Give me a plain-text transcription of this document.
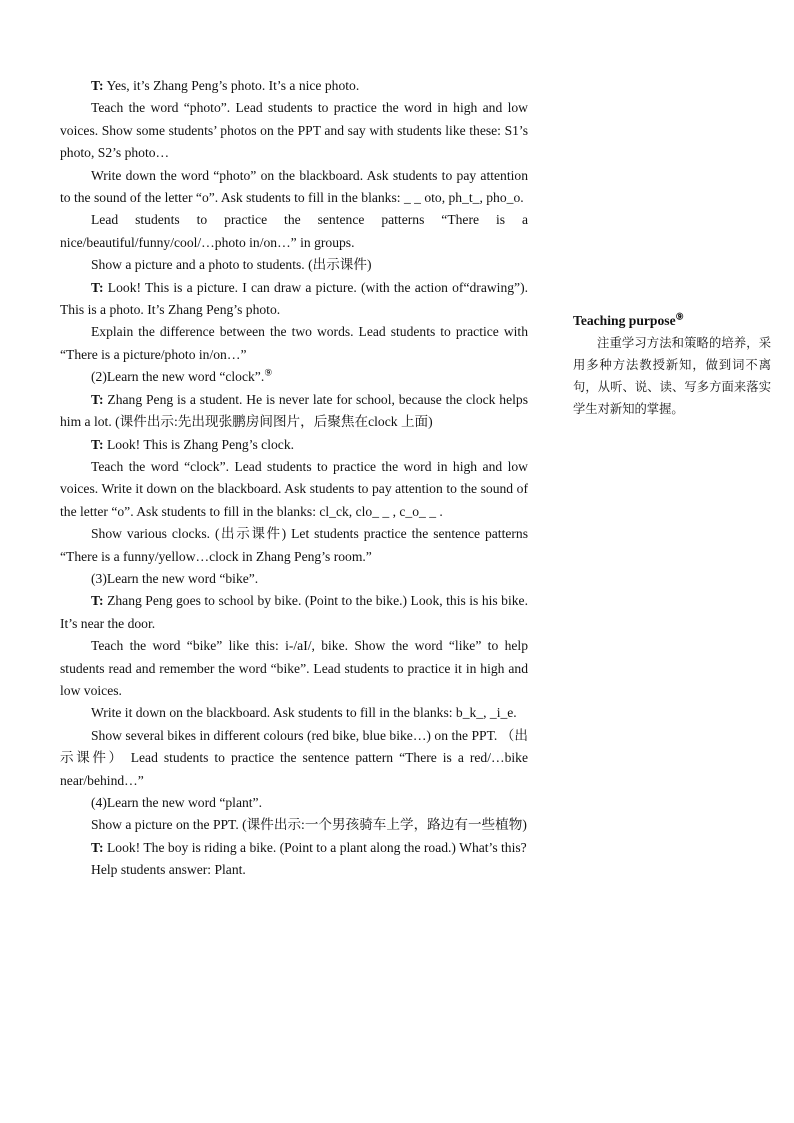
T: Yes, it’s Zhang Peng’s photo. It’s a nice photo.

Teach the word “photo”. Lead students to practice the word in high and low voices. Show some students’ photos on the PPT and say with students like these: S1’s photo, S2’s photo…

Write down the word “photo” on the blackboard. Ask students to pay attention to the sound of the letter “o”. Ask students to fill in the blanks: _ _ oto, ph_t_, pho_o.

Lead students to practice the sentence patterns “There is a nice/beautiful/funny/cool/…photo in/on…” in groups.

Show a picture and a photo to students. (出示课件)

T: Look! This is a picture. I can draw a picture. (with the action of“drawing”). This is a photo. It’s Zhang Peng’s photo.

Explain the difference between the two words. Lead students to practice with “There is a picture/photo in/on…”

(2)Learn the new word “clock”.⑨

T: Zhang Peng is a student. He is never late for school, because the clock helps him a lot. (课件出示:先出现张鹏房间图片，后聚焦在clock 上面)

T: Look! This is Zhang Peng’s clock.

Teach the word “clock”. Lead students to practice the word in high and low voices. Write it down on the blackboard. Ask students to pay attention to the sound of the letter “o”. Ask students to fill in the blanks: cl_ck, clo_ _ , c_o_ _ .

Show various clocks. (出示课件) Let students practice the sentence patterns “There is a funny/yellow…clock in Zhang Peng’s room.”

(3)Learn the new word “bike”.

T: Zhang Peng goes to school by bike. (Point to the bike.) Look, this is his bike. It’s near the door.

Teach the word “bike” like this: i-/aI/, bike. Show the word “like” to help students read and remember the word “bike”. Lead students to practice it in high and low voices.

Write it down on the blackboard. Ask students to fill in the blanks: b_k_, _i_e.

Show several bikes in different colours (red bike, blue bike…) on the PPT. （出示课件） Lead students to practice the sentence pattern “There is a red/…bike near/behind…”

(4)Learn the new word “plant”.

Show a picture on the PPT. (课件出示:一个男孩骑车上学，路边有一些植物)

T: Look! The boy is riding a bike. (Point to a plant along the road.) What’s this?

Help students answer: Plant.

Teaching purpose⑨
注重学习方法和策略的培养，采用多种方法教授新知，做到词不离句，从听、说、读、写多方面来落实学生对新知的掌握。
